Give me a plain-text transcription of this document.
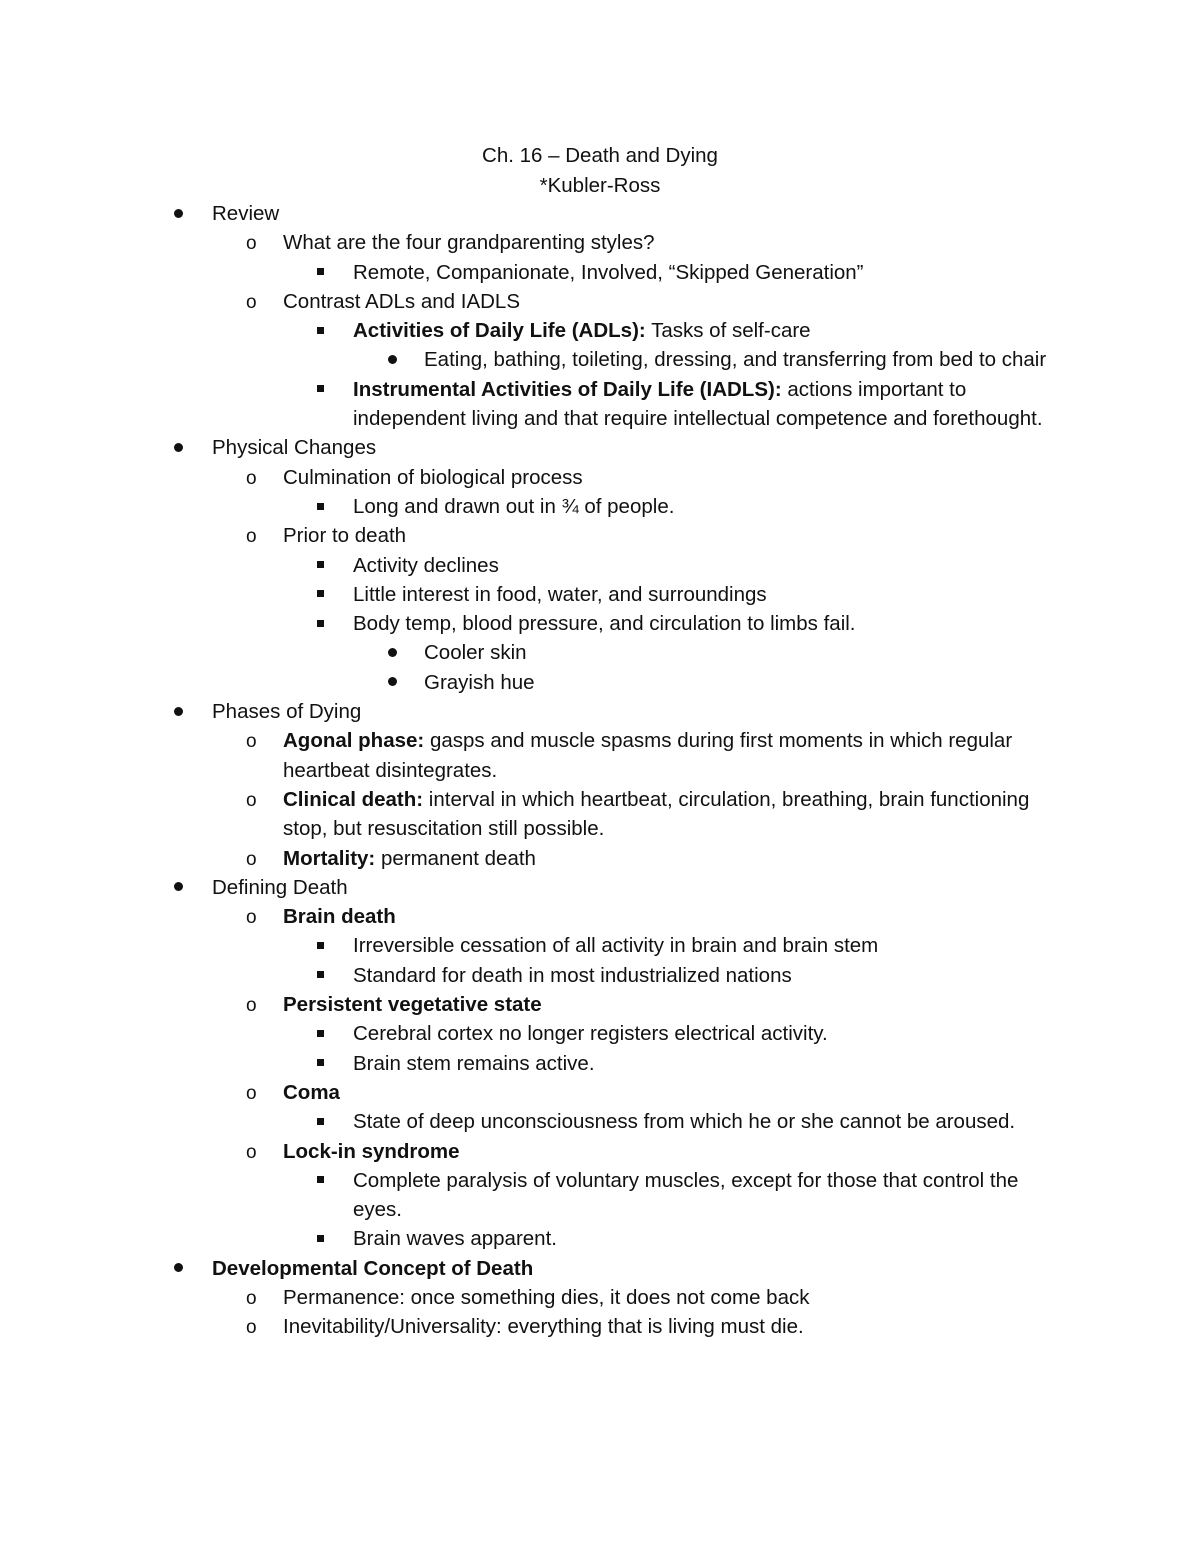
Ch. 16 – Death and Dying
*Kubler-Ross
Review
o What are the four grandparenting styles?
Remote, Companionate, Involved, “Skipped Generation”
o Contrast ADLs and IADLS
Activities of Daily Life (ADLs): Tasks of self-care
Eating, bathing, toileting, dressing, and transferring from bed to chair
Instrumental Activities of Daily Life (IADLS): actions important to independent living and that require intellectual competence and forethought.
Physical Changes
o Culmination of biological process
Long and drawn out in ¾ of people.
o Prior to death
Activity declines
Little interest in food, water, and surroundings
Body temp, blood pressure, and circulation to limbs fail.
Cooler skin
Grayish hue
Phases of Dying
o Agonal phase: gasps and muscle spasms during first moments in which regular heartbeat disintegrates.
o Clinical death: interval in which heartbeat, circulation, breathing, brain functioning stop, but resuscitation still possible.
o Mortality: permanent death
Defining Death
o Brain death
Irreversible cessation of all activity in brain and brain stem
Standard for death in most industrialized nations
o Persistent vegetative state
Cerebral cortex no longer registers electrical activity.
Brain stem remains active.
o Coma
State of deep unconsciousness from which he or she cannot be aroused.
o Lock-in syndrome
Complete paralysis of voluntary muscles, except for those that control the eyes.
Brain waves apparent.
Developmental Concept of Death
o Permanence: once something dies, it does not come back
o Inevitability/Universality: everything that is living must die.
